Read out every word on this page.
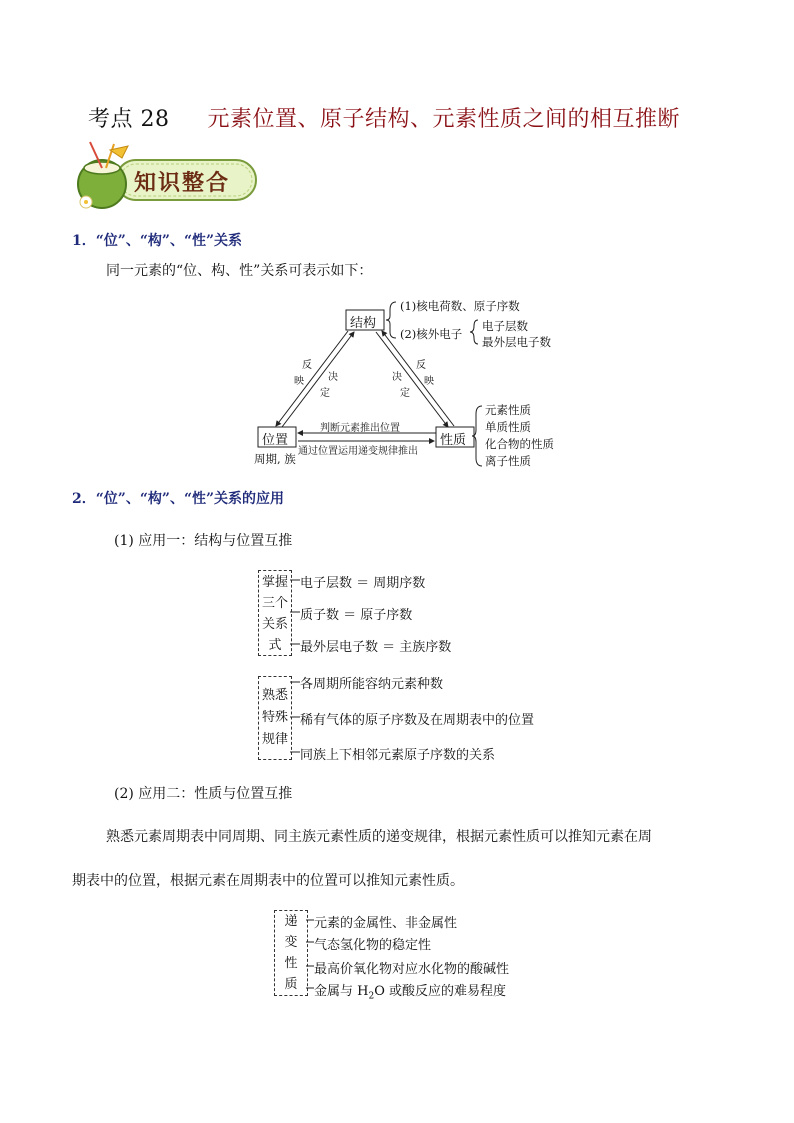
考点 28 元素位置、原子结构、元素性质之间的相互推断
知识整合
1．“位”、“构”、“性”关系
同一元素的“位、构、性”关系可表示如下：
结构
位置	性质
(1)核电荷数、原子序数
(2)核外电子
电子层数
最外层电子数
元素性质
单质性质
化合物的性质
离子性质
反
映 决
定
反
映
决
定
判断元素推出位置
通过位置运用递变规律推出
周期, 族
2．“位”、“构”、“性”关系的应用
(1) 应用一：结构与位置互推
掌握
三个
关系
式
电子层数 ＝ 周期序数
质子数 ＝ 原子序数
最外层电子数 ＝ 主族序数
熟悉
特殊
规律
各周期所能容纳元素种数
稀有气体的原子序数及在周期表中的位置
同族上下相邻元素原子序数的关系
(2) 应用二：性质与位置互推
熟悉元素周期表中同周期、同主族元素性质的递变规律，根据元素性质可以推知元素在周
期表中的位置，根据元素在周期表中的位置可以推知元素性质。
递
变
性
质
元素的金属性、非金属性
气态氢化物的稳定性
最高价氧化物对应水化物的酸碱性
金属与 $H_2O$ 或酸反应的难易程度
